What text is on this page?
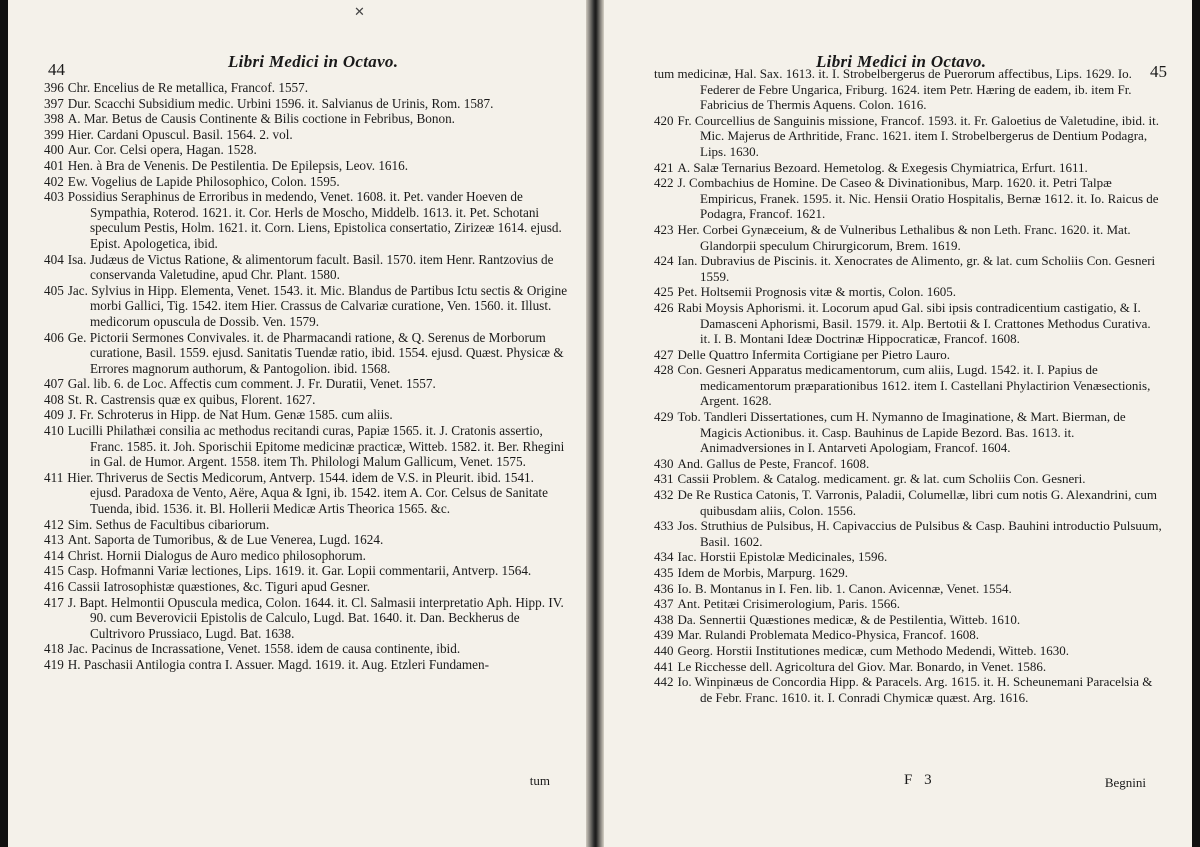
✕
44	Libri Medici in Octavo.
396 Chr. Encelius de Re metallica, Francof. 1557.
397 Dur. Scacchi Subsidium medic. Urbini 1596. it. Salvianus de Urinis, Rom. 1587.
398 A. Mar. Betus de Causis Continente & Bilis coctione in Febribus, Bonon.
399 Hier. Cardani Opuscul. Basil. 1564. 2. vol.
400 Aur. Cor. Celsi opera, Hagan. 1528.
401 Hen. à Bra de Venenis. De Pestilentia. De Epilepsis, Leov. 1616.
402 Ew. Vogelius de Lapide Philosophico, Colon. 1595.
403 Possidius Seraphinus de Erroribus in medendo, Venet. 1608. it. Pet. vander Hoeven de Sympathia, Roterod. 1621. it. Cor. Herls de Moscho, Middelb. 1613. it. Pet. Schotani speculum Pestis, Holm. 1621. it. Corn. Liens, Epistolica consertatio, Zirizeæ 1614. ejusd. Epist. Apologetica, ibid.
404 Isa. Judæus de Victus Ratione, & alimentorum facult. Basil. 1570. item Henr. Rantzovius de conservanda Valetudine, apud Chr. Plant. 1580.
405 Jac. Sylvius in Hipp. Elementa, Venet. 1543. it. Mic. Blandus de Partibus Ictu sectis & Origine morbi Gallici, Tig. 1542. item Hier. Crassus de Calvariæ curatione, Ven. 1560. it. Illust. medicorum opuscula de Dossib. Ven. 1579.
406 Ge. Pictorii Sermones Convivales. it. de Pharmacandi ratione, & Q. Serenus de Morborum curatione, Basil. 1559. ejusd. Sanitatis Tuendæ ratio, ibid. 1554. ejusd. Quæst. Physicæ & Errores magnorum authorum, & Pantogolion. ibid. 1568.
407 Gal. lib. 6. de Loc. Affectis cum comment. J. Fr. Duratii, Venet. 1557.
408 St. R. Castrensis quæ ex quibus, Florent. 1627.
409 J. Fr. Schroterus in Hipp. de Nat Hum. Genæ 1585. cum aliis.
410 Lucilli Philathæi consilia ac methodus recitandi curas, Papiæ 1565. it. J. Cratonis assertio, Franc. 1585. it. Joh. Sporischii Epitome medicinæ practicæ, Witteb. 1582. it. Ber. Rhegini in Gal. de Humor. Argent. 1558. item Th. Philologi Malum Gallicum, Venet. 1575.
411 Hier. Thriverus de Sectis Medicorum, Antverp. 1544. idem de V.S. in Pleurit. ibid. 1541. ejusd. Paradoxa de Vento, Aëre, Aqua & Igni, ib. 1542. item A. Cor. Celsus de Sanitate Tuenda, ibid. 1536. it. Bl. Hollerii Medicæ Artis Theorica 1565. &c.
412 Sim. Sethus de Facultibus cibariorum.
413 Ant. Saporta de Tumoribus, & de Lue Venerea, Lugd. 1624.
414 Christ. Hornii Dialogus de Auro medico philosophorum.
415 Casp. Hofmanni Variæ lectiones, Lips. 1619. it. Gar. Lopii commentarii, Antverp. 1564.
416 Cassii Iatrosophistæ quæstiones, &c. Tiguri apud Gesner.
417 J. Bapt. Helmontii Opuscula medica, Colon. 1644. it. Cl. Salmasii interpretatio Aph. Hipp. IV. 90. cum Beverovicii Epistolis de Calculo, Lugd. Bat. 1640. it. Dan. Beckherus de Cultrivoro Prussiaco, Lugd. Bat. 1638.
418 Jac. Pacinus de Incrassatione, Venet. 1558. idem de causa continente, ibid.
419 H. Paschasii Antilogia contra I. Assuer. Magd. 1619. it. Aug. Etzleri Fundamen-
tum
Libri Medici in Octavo.
45
tum medicinæ, Hal. Sax. 1613. it. I. Strobelbergerus de Puerorum affectibus, Lips. 1629. Io. Federer de Febre Ungarica, Friburg. 1624. item Petr. Hæring de eadem, ib. item Fr. Fabricius de Thermis Aquens. Colon. 1616.
420 Fr. Courcellius de Sanguinis missione, Francof. 1593. it. Fr. Galoetius de Valetudine, ibid. it. Mic. Majerus de Arthritide, Franc. 1621. item I. Strobelbergerus de Dentium Podagra, Lips. 1630.
421 A. Salæ Ternarius Bezoard. Hemetolog. & Exegesis Chymiatrica, Erfurt. 1611.
422 J. Combachius de Homine. De Caseo & Divinationibus, Marp. 1620. it. Petri Talpæ Empiricus, Franek. 1595. it. Nic. Hensii Oratio Hospitalis, Bernæ 1612. it. Io. Raicus de Podagra, Francof. 1621.
423 Her. Corbei Gynæceium, & de Vulneribus Lethalibus & non Leth. Franc. 1620. it. Mat. Glandorpii speculum Chirurgicorum, Brem. 1619.
424 Ian. Dubravius de Piscinis. it. Xenocrates de Alimento, gr. & lat. cum Scholiis Con. Gesneri 1559.
425 Pet. Holtsemii Prognosis vitæ & mortis, Colon. 1605.
426 Rabi Moysis Aphorismi. it. Locorum apud Gal. sibi ipsis contradicentium castigatio, & I. Damasceni Aphorismi, Basil. 1579. it. Alp. Bertotii & I. Crattones Methodus Curativa. it. I. B. Montani Ideæ Doctrinæ Hippocraticæ, Francof. 1608.
427 Delle Quattro Infermita Cortigiane per Pietro Lauro.
428 Con. Gesneri Apparatus medicamentorum, cum aliis, Lugd. 1542. it. I. Papius de medicamentorum præparationibus 1612. item I. Castellani Phylactirion Venæsectionis, Argent. 1628.
429 Tob. Tandleri Dissertationes, cum H. Nymanno de Imaginatione, & Mart. Bierman, de Magicis Actionibus. it. Casp. Bauhinus de Lapide Bezord. Bas. 1613. it. Animadversiones in I. Antarveti Apologiam, Francof. 1604.
430 And. Gallus de Peste, Francof. 1608.
431 Cassii Problem. & Catalog. medicament. gr. & lat. cum Scholiis Con. Gesneri.
432 De Re Rustica Catonis, T. Varronis, Paladii, Columellæ, libri cum notis G. Alexandrini, cum quibusdam aliis, Colon. 1556.
433 Jos. Struthius de Pulsibus, H. Capivaccius de Pulsibus & Casp. Bauhini introductio Pulsuum, Basil. 1602.
434 Iac. Horstii Epistolæ Medicinales, 1596.
435 Idem de Morbis, Marpurg. 1629.
436 Io. B. Montanus in I. Fen. lib. 1. Canon. Avicennæ, Venet. 1554.
437 Ant. Petitæi Crisimerologium, Paris. 1566.
438 Da. Sennertii Quæstiones medicæ, & de Pestilentia, Witteb. 1610.
439 Mar. Rulandi Problemata Medico-Physica, Francof. 1608.
440 Georg. Horstii Institutiones medicæ, cum Methodo Medendi, Witteb. 1630.
441 Le Ricchesse dell. Agricoltura del Giov. Mar. Bonardo, in Venet. 1586.
442 Io. Winpinæus de Concordia Hipp. & Paracels. Arg. 1615. it. H. Scheunemani Paracelsia & de Febr. Franc. 1610. it. I. Conradi Chymicæ quæst. Arg. 1616.
F 3	Begnini
